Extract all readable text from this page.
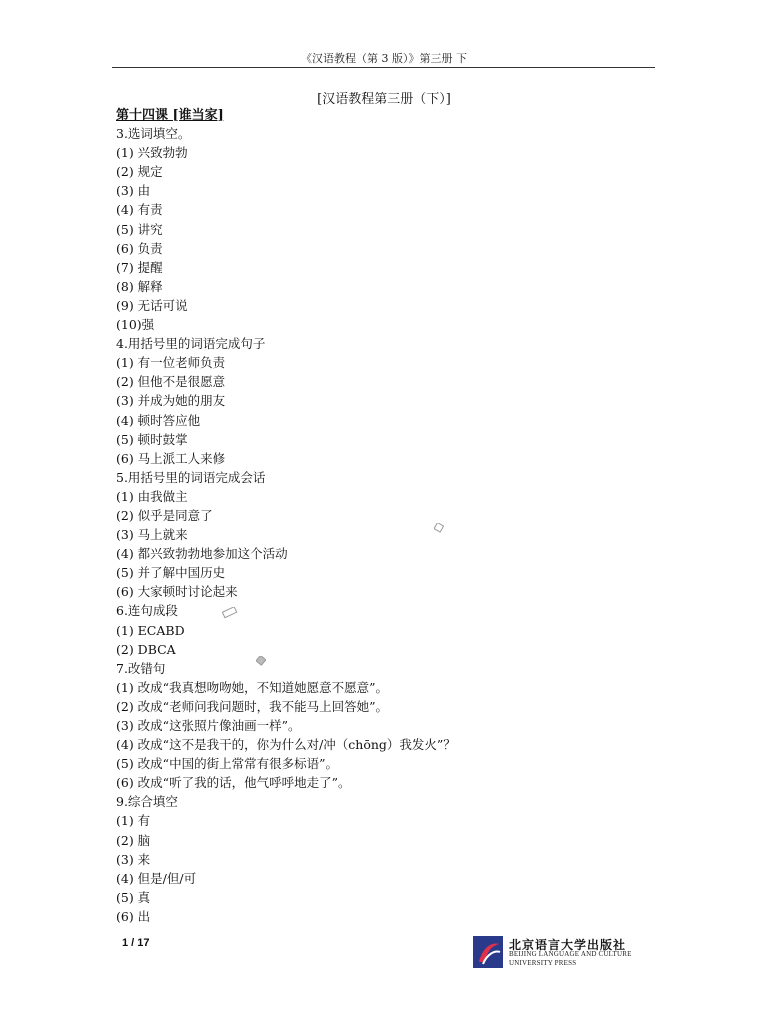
《汉语教程（第 3 版）》第三册 下
[汉语教程第三册（下）]
第十四课 [谁当家]
3.选词填空。
(1) 兴致勃勃
(2) 规定
(3) 由
(4) 有责
(5) 讲究
(6) 负责
(7) 提醒
(8) 解释
(9) 无话可说
(10)强
4.用括号里的词语完成句子
(1) 有一位老师负责
(2) 但他不是很愿意
(3) 并成为她的朋友
(4) 顿时答应他
(5) 顿时鼓掌
(6) 马上派工人来修
5.用括号里的词语完成会话
(1) 由我做主
(2) 似乎是同意了
(3) 马上就来
(4) 都兴致勃勃地参加这个活动
(5) 并了解中国历史
(6) 大家顿时讨论起来
6.连句成段
(1) ECABD
(2) DBCA
7.改错句
(1) 改成“我真想吻吻她，不知道她愿意不愿意”。
(2) 改成“老师问我问题时，我不能马上回答她”。
(3) 改成“这张照片像油画一样”。
(4) 改成“这不是我干的，你为什么对/冲（chōng）我发火”？
(5) 改成“中国的街上常常有很多标语”。
(6) 改成“听了我的话，他气呼呼地走了”。
9.综合填空
(1) 有
(2) 脑
(3) 来
(4) 但是/但/可
(5) 真
(6) 出
1 / 17	北京语言大学出版社
BEIJING LANGUAGE AND CULTURE
UNIVERSITY PRESS
